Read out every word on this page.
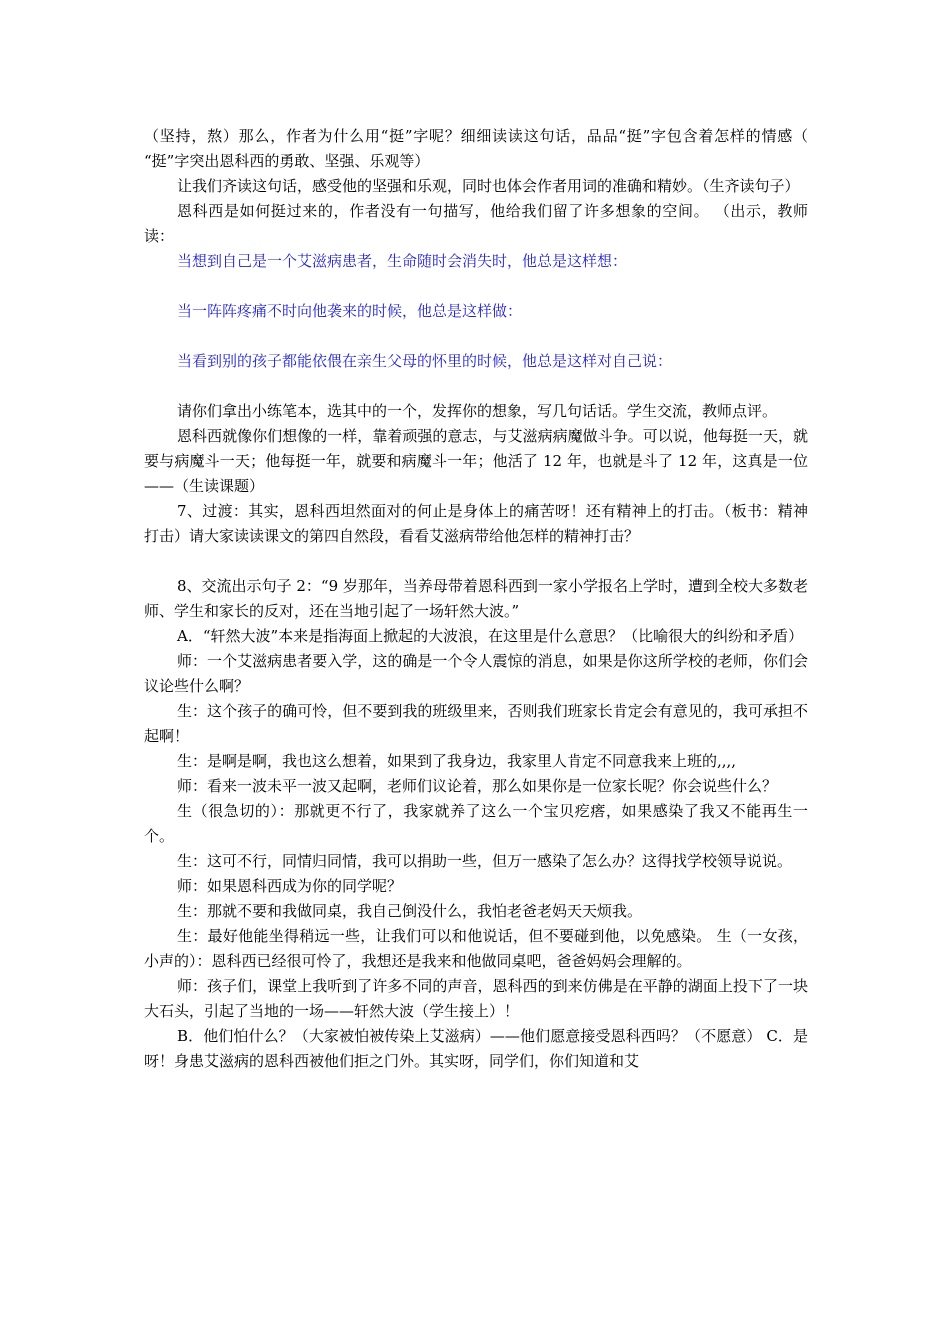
（坚持，熬）那么，作者为什么用“挺”字呢？细细读读这句话，品品“挺”字包含着怎样的情感（ “挺”字突出恩科西的勇敢、坚强、乐观等）

让我们齐读这句话，感受他的坚强和乐观，同时也体会作者用词的准确和精妙。（生齐读句子）

恩科西是如何挺过来的，作者没有一句描写，他给我们留了许多想象的空间。 （出示，教师读：

当想到自己是一个艾滋病患者，生命随时会消失时，他总是这样想：

当一阵阵疼痛不时向他袭来的时候，他总是这样做：

当看到别的孩子都能依偎在亲生父母的怀里的时候，他总是这样对自己说：

请你们拿出小练笔本，选其中的一个，发挥你的想象，写几句话话。学生交流，教师点评。

恩科西就像你们想像的一样，靠着顽强的意志，与艾滋病病魔做斗争。可以说，他每挺一天，就要与病魔斗一天；他每挺一年，就要和病魔斗一年；他活了 12 年，也就是斗了 12 年，这真是一位——（生读课题）

7、过渡：其实，恩科西坦然面对的何止是身体上的痛苦呀！还有精神上的打击。（板书：精神打击）请大家读读课文的第四自然段，看看艾滋病带给他怎样的精神打击？

8、交流出示句子 2：“9 岁那年，当养母带着恩科西到一家小学报名上学时，遭到全校大多数老师、学生和家长的反对，还在当地引起了一场轩然大波。”

A．“轩然大波”本来是指海面上掀起的大波浪，在这里是什么意思？（比喻很大的纠纷和矛盾）

师：一个艾滋病患者要入学，这的确是一个令人震惊的消息，如果是你这所学校的老师，你们会议论些什么啊？

生：这个孩子的确可怜，但不要到我的班级里来，否则我们班家长肯定会有意见的，我可承担不起啊！

生：是啊是啊，我也这么想着，如果到了我身边，我家里人肯定不同意我来上班的,,,,

师：看来一波未平一波又起啊，老师们议论着，那么如果你是一位家长呢？你会说些什么？

生（很急切的）：那就更不行了，我家就养了这么一个宝贝疙瘩，如果感染了我又不能再生一个。

生：这可不行，同情归同情，我可以捐助一些，但万一感染了怎么办？这得找学校领导说说。

师：如果恩科西成为你的同学呢？

生：那就不要和我做同桌，我自己倒没什么，我怕老爸老妈天天烦我。

生：最好他能坐得稍远一些，让我们可以和他说话，但不要碰到他，以免感染。 生（一女孩，小声的）：恩科西已经很可怜了，我想还是我来和他做同桌吧，爸爸妈妈会理解的。

师：孩子们，课堂上我听到了许多不同的声音，恩科西的到来仿佛是在平静的湖面上投下了一块大石头，引起了当地的一场——轩然大波（学生接上）！

B．他们怕什么？（大家被怕被传染上艾滋病）——他们愿意接受恩科西吗？（不愿意） C．是呀！身患艾滋病的恩科西被他们拒之门外。其实呀，同学们，你们知道和艾
